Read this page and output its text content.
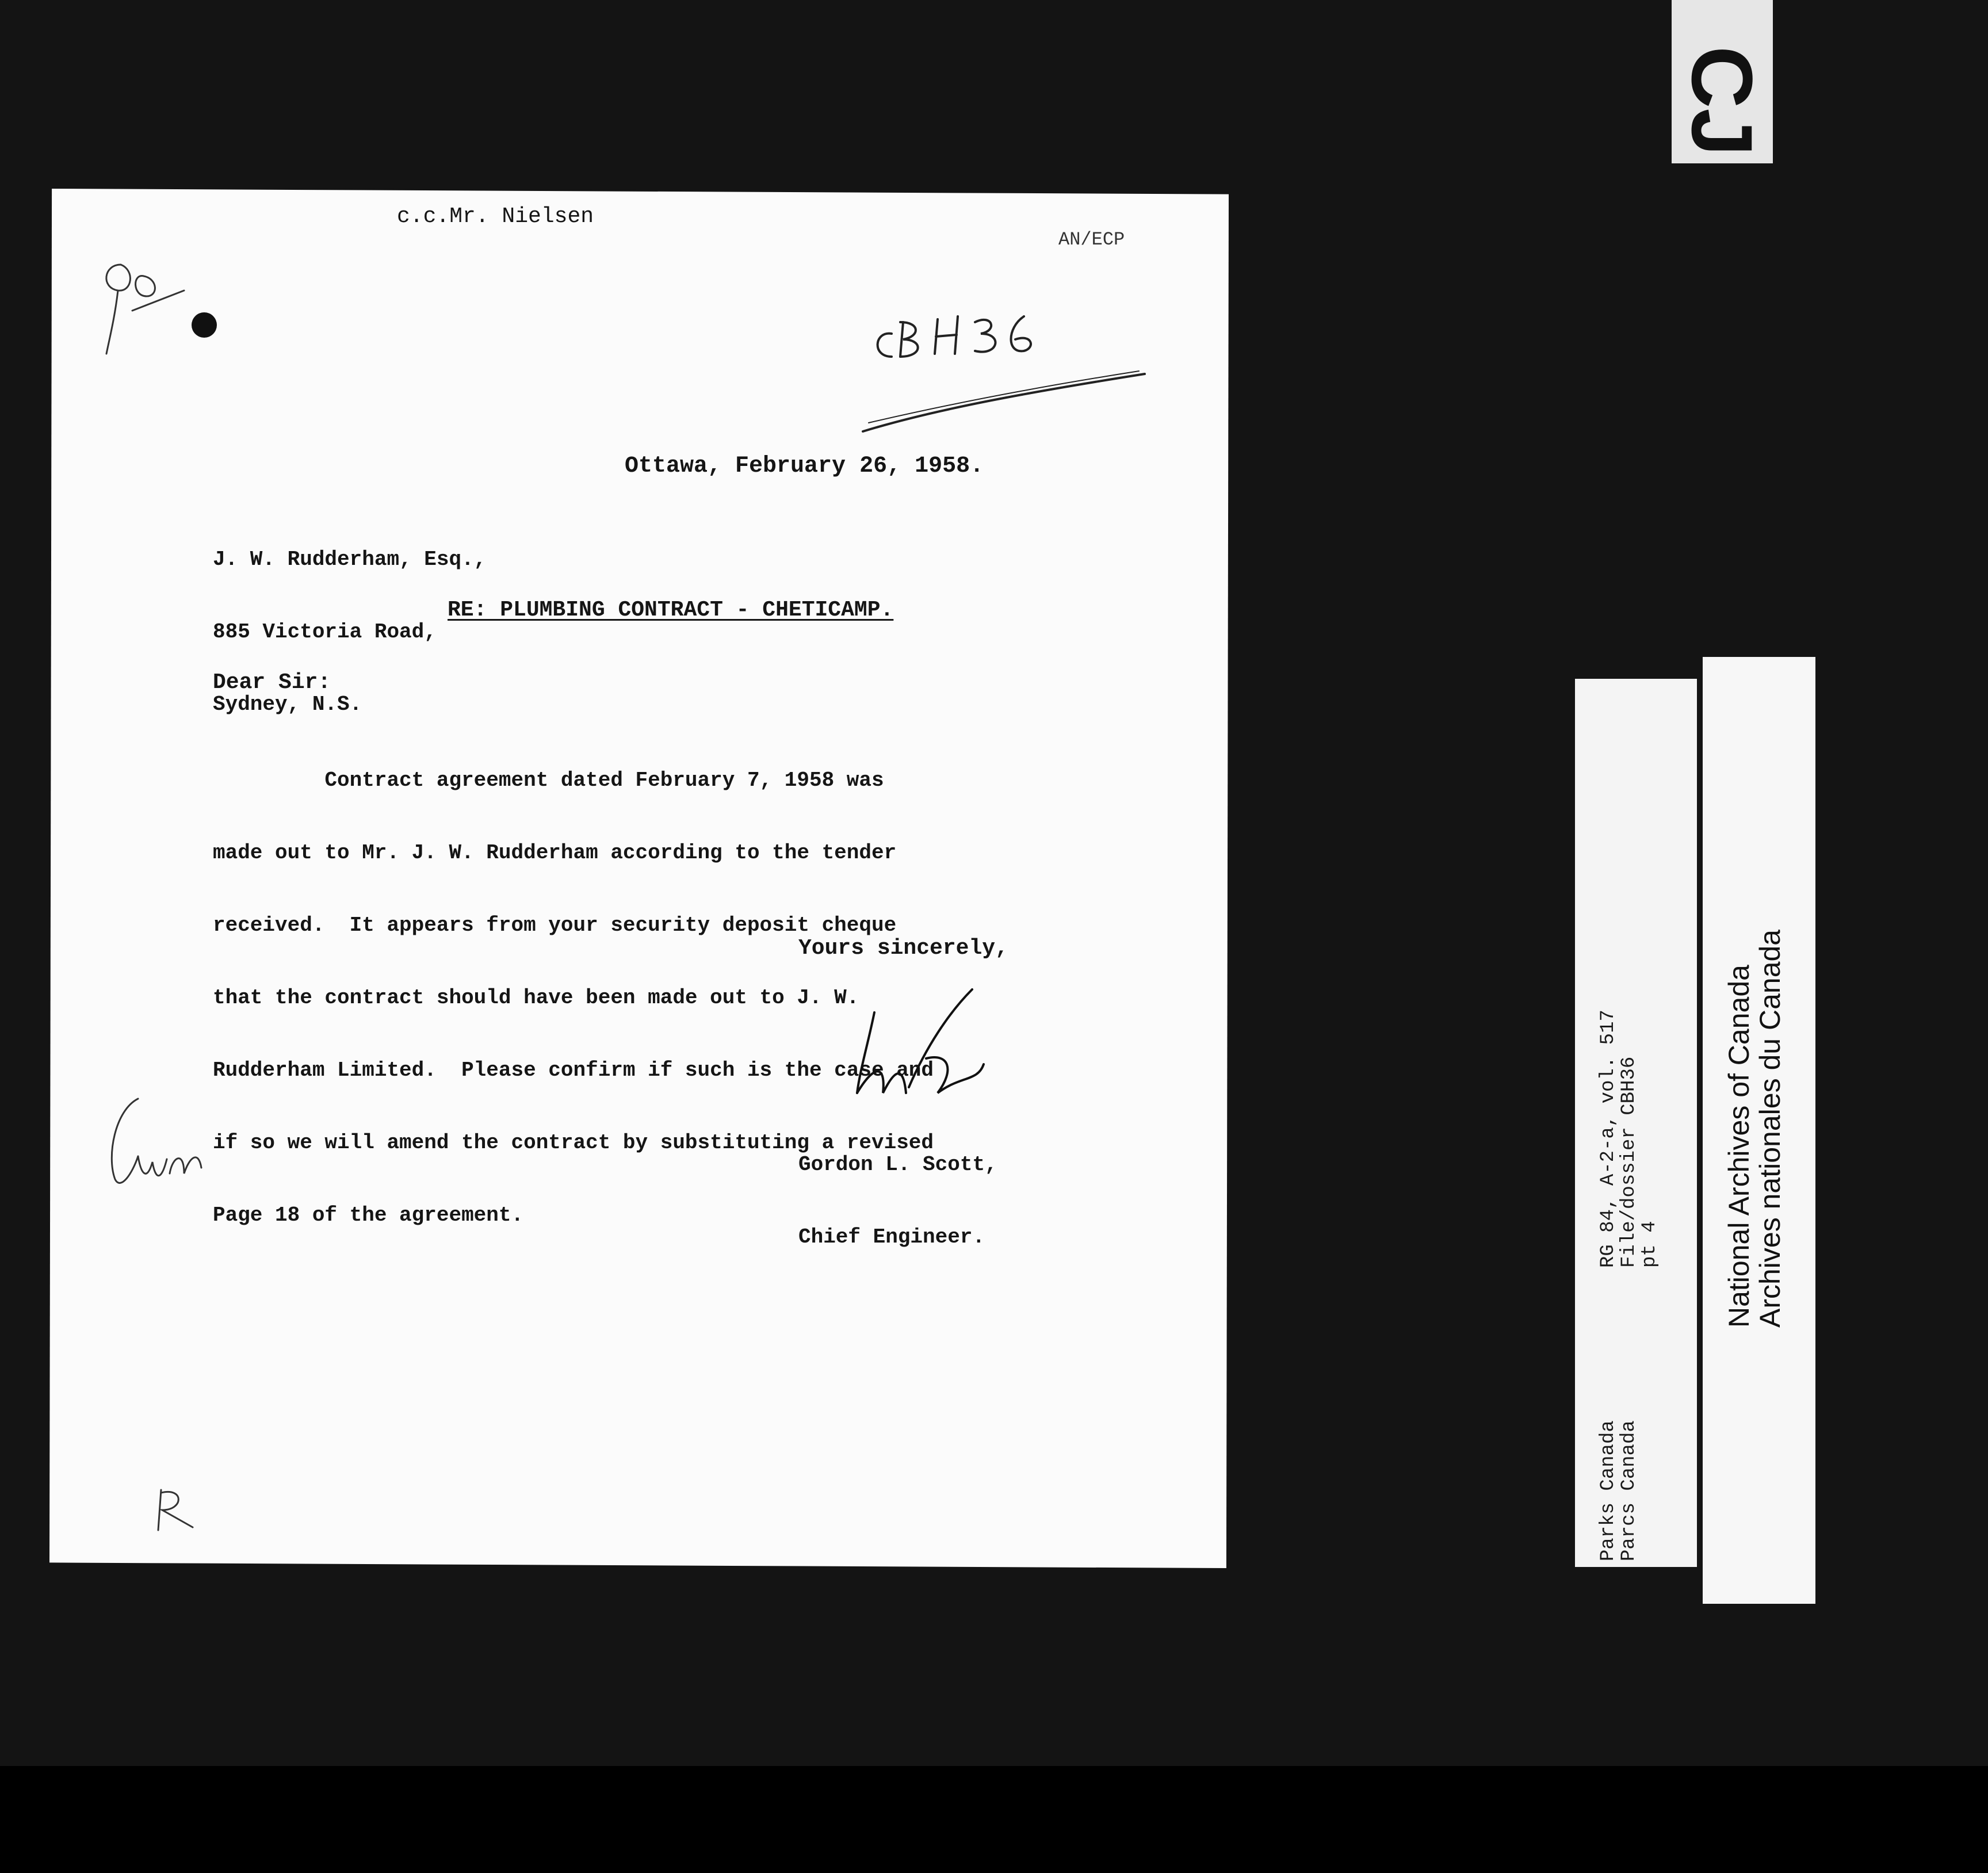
CJ
c.c.Mr. Nielsen
AN/ECP
Ottawa, February 26, 1958.

J. W. Rudderham, Esq.,

885 Victoria Road,

Sydney, N.S.

RE: PLUMBING CONTRACT - CHETICAMP.
Dear Sir:

Contract agreement dated February 7, 1958 was

made out to Mr. J. W. Rudderham according to the tender

received.  It appears from your security deposit cheque

that the contract should have been made out to J. W.

Rudderham Limited.  Please confirm if such is the case and

if so we will amend the contract by substituting a revised

Page 18 of the agreement.

Yours sincerely,

Gordon L. Scott,

Chief Engineer.	RG 84, A-2-a, vol. 517
File/dossier CBH36
pt 4
Parks Canada
Parcs Canada
National Archives of Canada
Archives nationales du Canada
